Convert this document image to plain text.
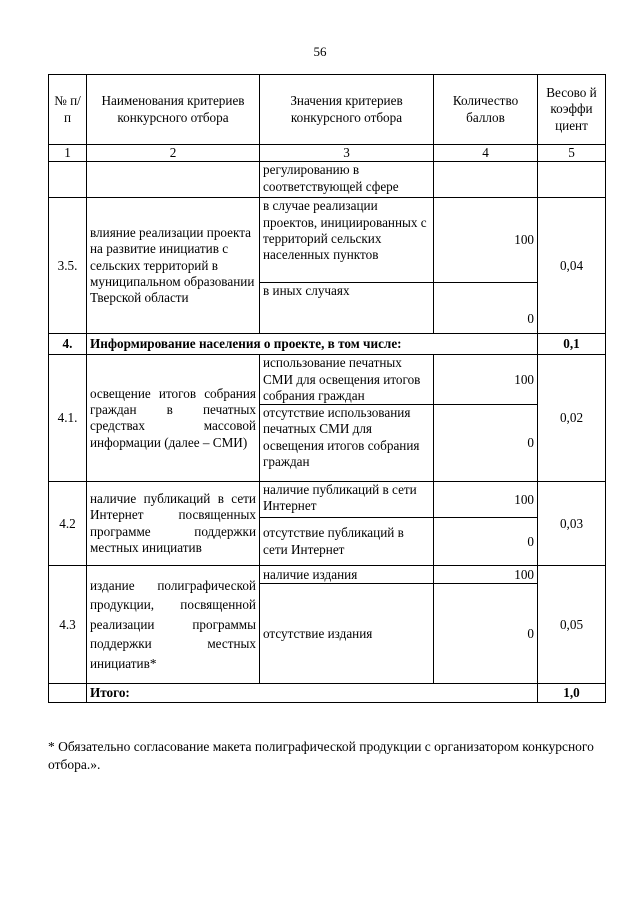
56
№ п/п	Наименования критериев конкурсного отбора	Значения критериев конкурсного отбора	Количество баллов	Весово й коэффи циент
1	2	3	4	5
		регулированию в соответствующей сфере		
3.5.	влияние реализации проекта на развитие инициатив с сельских территорий в муниципальном образовании Тверской области	в случае реализации проектов, инициированных с территорий сельских населенных пунктов	100	0,04
		в иных случаях	0	
4.	Информирование населения о проекте, в том числе:			0,1
4.1.	освещение итогов собрания граждан в печатных средствах массовой информации (далее – СМИ)	использование печатных СМИ для освещения итогов собрания граждан	100	0,02
		отсутствие использования печатных СМИ для освещения итогов собрания граждан	0	
4.2	наличие публикаций в сети Интернет посвященных программе поддержки местных инициатив	наличие публикаций в сети Интернет	100	0,03
		отсутствие публикаций в сети Интернет	0	
4.3	издание полиграфической продукции, посвященной реализации программы поддержки местных инициатив*	наличие издания	100	0,05
		отсутствие издания	0	
	Итого:			1,0
* Обязательно согласование макета полиграфической продукции с организатором конкурсного отбора.».
